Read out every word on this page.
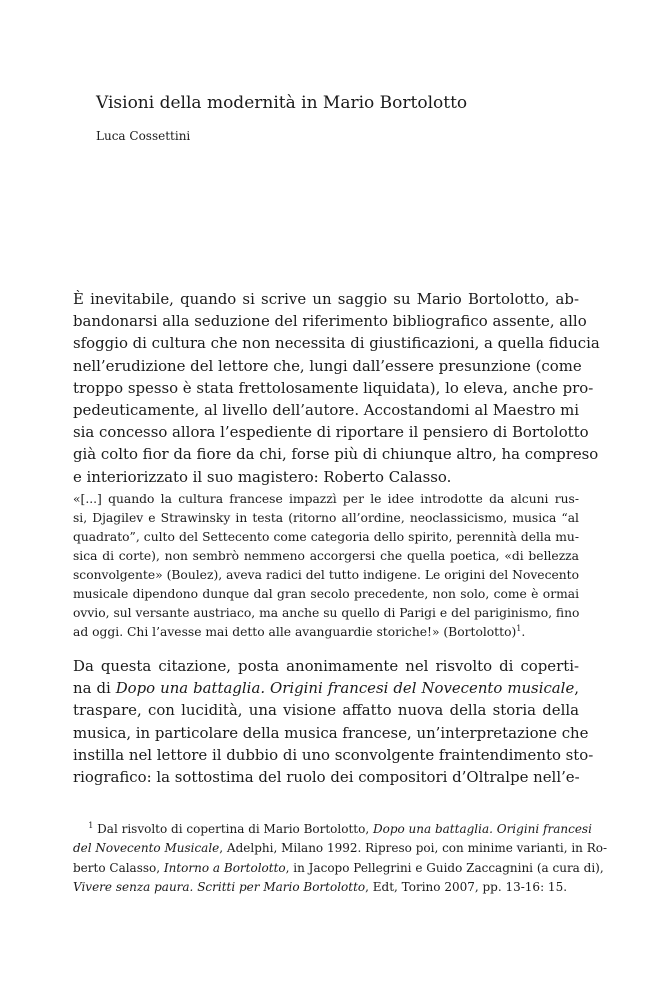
Visioni della modernità in Mario Bortolotto
Luca Cossettini
È inevitabile, quando si scrive un saggio su Mario Bortolotto, ab-
bandonarsi alla seduzione del riferimento bibliografico assente, allo
sfoggio di cultura che non necessita di giustificazioni, a quella fiducia
nell’erudizione del lettore che, lungi dall’essere presunzione (come
troppo spesso è stata frettolosamente liquidata), lo eleva, anche pro-
pedeuticamente, al livello dell’autore. Accostandomi al Maestro mi
sia concesso allora l’espediente di riportare il pensiero di Bortolotto
già colto fior da fiore da chi, forse più di chiunque altro, ha compreso
e interiorizzato il suo magistero: Roberto Calasso.
«[...] quando la cultura francese impazzì per le idee introdotte da alcuni rus-
si, Djagilev e Strawinsky in testa (ritorno all’ordine, neoclassicismo, musica “al
quadrato”, culto del Settecento come categoria dello spirito, perennità della mu-
sica di corte), non sembrò nemmeno accorgersi che quella poetica, «di bellezza
sconvolgente» (Boulez), aveva radici del tutto indigene. Le origini del Novecento
musicale dipendono dunque dal gran secolo precedente, non solo, come è ormai
ovvio, sul versante austriaco, ma anche su quello di Parigi e del pariginismo, fino
ad oggi. Chi l’avesse mai detto alle avanguardie storiche!» (Bortolotto)$^1$.
Da questa citazione, posta anonimamente nel risvolto di coperti-
na di Dopo una battaglia. Origini francesi del Novecento musicale,
traspare, con lucidità, una visione affatto nuova della storia della
musica, in particolare della musica francese, un’interpretazione che
instilla nel lettore il dubbio di uno sconvolgente fraintendimento sto-
riografico: la sottostima del ruolo dei compositori d’Oltralpe nell’e-
$^1$ Dal risvolto di copertina di Mario Bortolotto, Dopo una battaglia. Origini francesi
del Novecento Musicale, Adelphi, Milano 1992. Ripreso poi, con minime varianti, in Ro-
berto Calasso, Intorno a Bortolotto, in Jacopo Pellegrini e Guido Zaccagnini (a cura di),
Vivere senza paura. Scritti per Mario Bortolotto, Edt, Torino 2007, pp. 13-16: 15.
